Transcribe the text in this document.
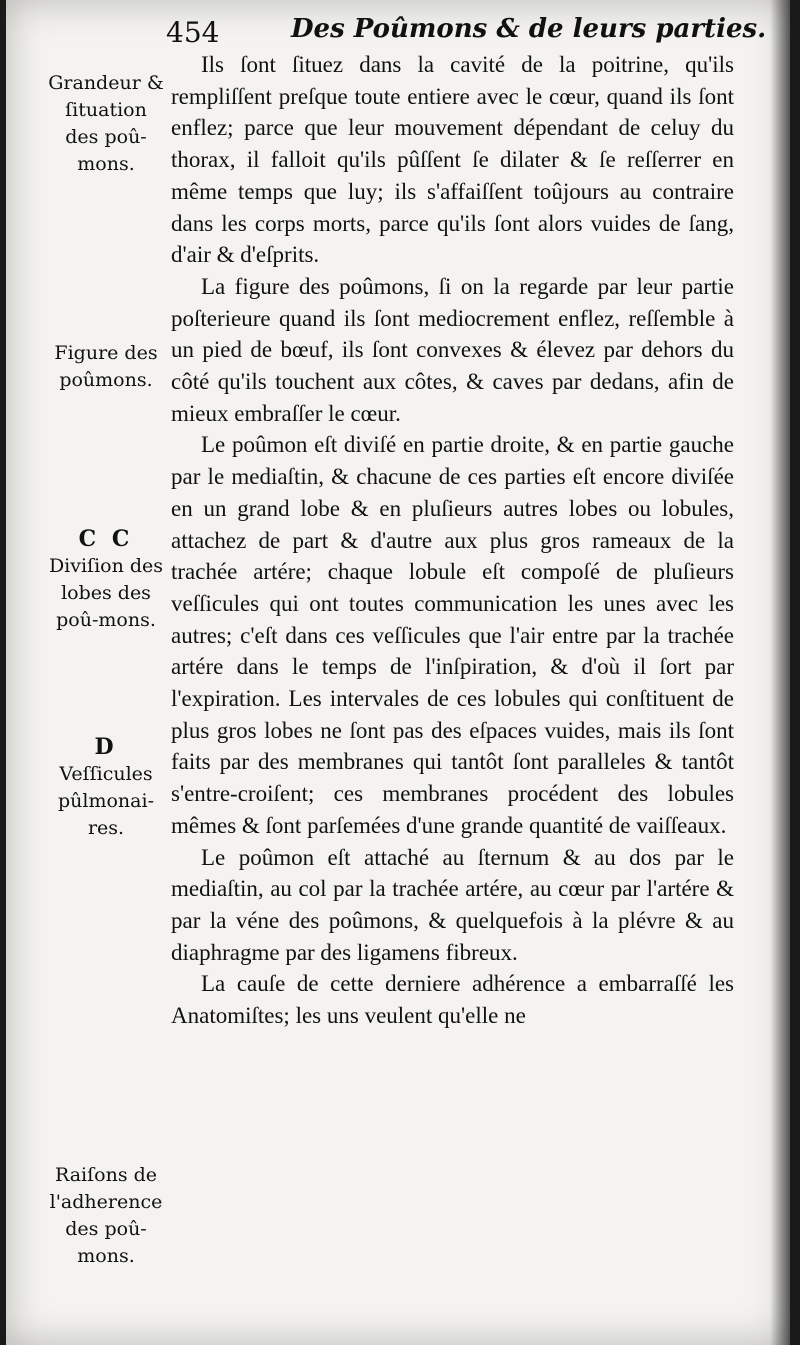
454	Des Poûmons & de leurs parties.
Grandeur & ſituation des poû-mons.
Figure des poûmons.
C C
Diviſion des lobes des poû-mons.
D
Veſſicules pûlmonai-res.
Raiſons de l'adherence des poû-mons.

Ils ſont ſituez dans la cavité de la poitrine, qu'ils rempliſſent preſque toute entiere avec le cœur, quand ils ſont enflez; parce que leur mouvement dépendant de celuy du thorax, il falloit qu'ils pûſſent ſe dilater & ſe reſſerrer en même temps que luy; ils s'affaiſſent toûjours au contraire dans les corps morts, parce qu'ils ſont alors vuides de ſang, d'air & d'eſprits.

La figure des poûmons, ſi on la regarde par leur partie poſterieure quand ils ſont mediocrement enflez, reſſemble à un pied de bœuf, ils ſont convexes & élevez par dehors du côté qu'ils touchent aux côtes, & caves par dedans, afin de mieux embraſſer le cœur.

Le poûmon eſt diviſé en partie droite, & en partie gauche par le mediaſtin, & chacune de ces parties eſt encore diviſée en un grand lobe & en pluſieurs autres lobes ou lobules, attachez de part & d'autre aux plus gros rameaux de la trachée artére; chaque lobule eſt compoſé de pluſieurs veſſicules qui ont toutes communication les unes avec les autres; c'eſt dans ces veſſicules que l'air entre par la trachée artére dans le temps de l'inſpiration, & d'où il ſort par l'expiration. Les intervales de ces lobules qui conſtituent de plus gros lobes ne ſont pas des eſpaces vuides, mais ils ſont faits par des membranes qui tantôt ſont paralleles & tantôt s'entre-croiſent; ces membranes procédent des lobules mêmes & ſont parſemées d'une grande quantité de vaiſſeaux.

Le poûmon eſt attaché au ſternum & au dos par le mediaſtin, au col par la trachée artére, au cœur par l'artére & par la véne des poûmons, & quelquefois à la plévre & au diaphragme par des ligamens fibreux.

La cauſe de cette derniere adhérence a embarraſſé les Anatomiſtes; les uns veulent qu'elle ne
